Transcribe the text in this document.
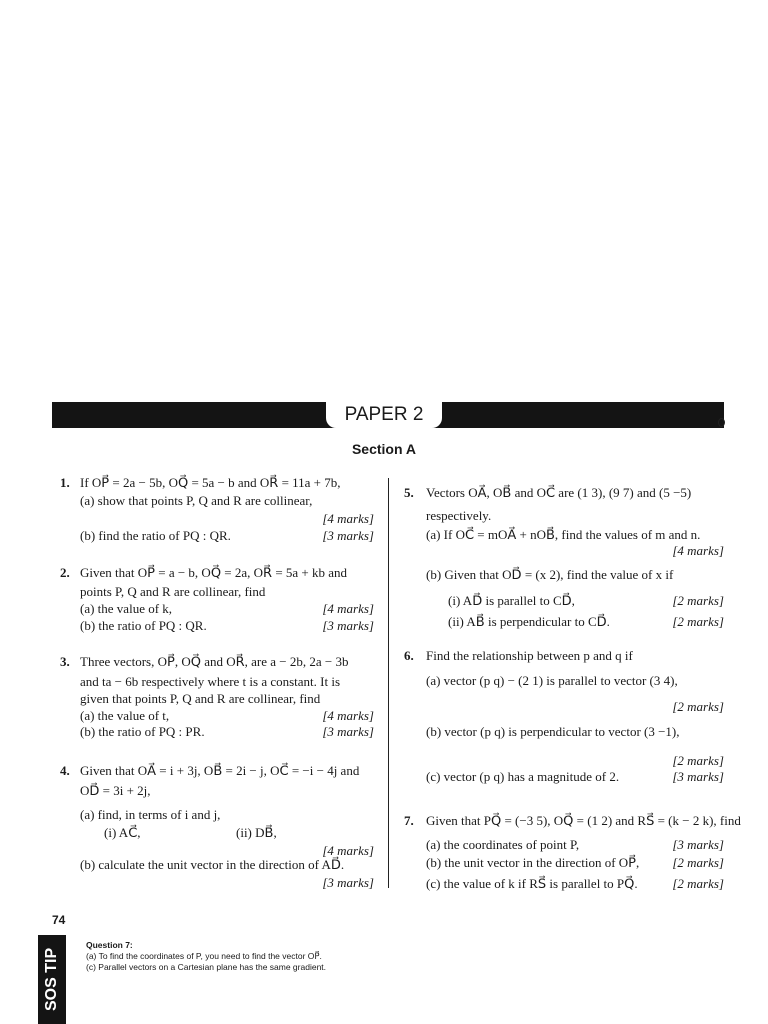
PAPER 2
Section A
1. If OP⃗ = 2a − 5b, OQ⃗ = 5a − b and OR⃗ = 11a + 7b,
(a) show that points P, Q and R are collinear,
[4 marks]
(b) find the ratio of PQ : QR.	[3 marks]
2. Given that OP⃗ = a − b, OQ⃗ = 2a, OR⃗ = 5a + kb and
points P, Q and R are collinear, find
(a) the value of k,	[4 marks]
(b) the ratio of PQ : QR.	[3 marks]
3. Three vectors, OP⃗, OQ⃗ and OR⃗, are a − 2b, 2a − 3b
and ta − 6b respectively where t is a constant. It is
given that points P, Q and R are collinear, find
(a) the value of t,	[4 marks]
(b) the ratio of PQ : PR.	[3 marks]
4. Given that OA⃗ = i + 3j, OB⃗ = 2i − j, OC⃗ = −i − 4j and
OD⃗ = 3i + 2j,
(a) find, in terms of i and j,
(i) AC⃗,	(ii) DB⃗,
[4 marks]
(b) calculate the unit vector in the direction of AD⃗.
[3 marks]
5. Vectors OA⃗, OB⃗ and OC⃗ are (1 3), (9 7) and (5 −5)
respectively.
(a) If OC⃗ = mOA⃗ + nOB⃗, find the values of m and n.
[4 marks]
(b) Given that OD⃗ = (x 2), find the value of x if
(i) AD⃗ is parallel to CD⃗,	[2 marks]
(ii) AB⃗ is perpendicular to CD⃗.	[2 marks]
6. Find the relationship between p and q if
(a) vector (p q) − (2 1) is parallel to vector (3 4),
[2 marks]
(b) vector (p q) is perpendicular to vector (3 −1),
[2 marks]
(c) vector (p q) has a magnitude of 2.	[3 marks]
7. Given that PQ⃗ = (−3 5), OQ⃗ = (1 2) and RS⃗ = (k − 2 k), find
(a) the coordinates of point P,	[3 marks]
(b) the unit vector in the direction of OP⃗,	[2 marks]
(c) the value of k if RS⃗ is parallel to PQ⃗.	[2 marks]
74
SOS TIP
Question 7:
(a) To find the coordinates of P, you need to find the vector OP⃗.
(c) Parallel vectors on a Cartesian plane has the same gradient.
